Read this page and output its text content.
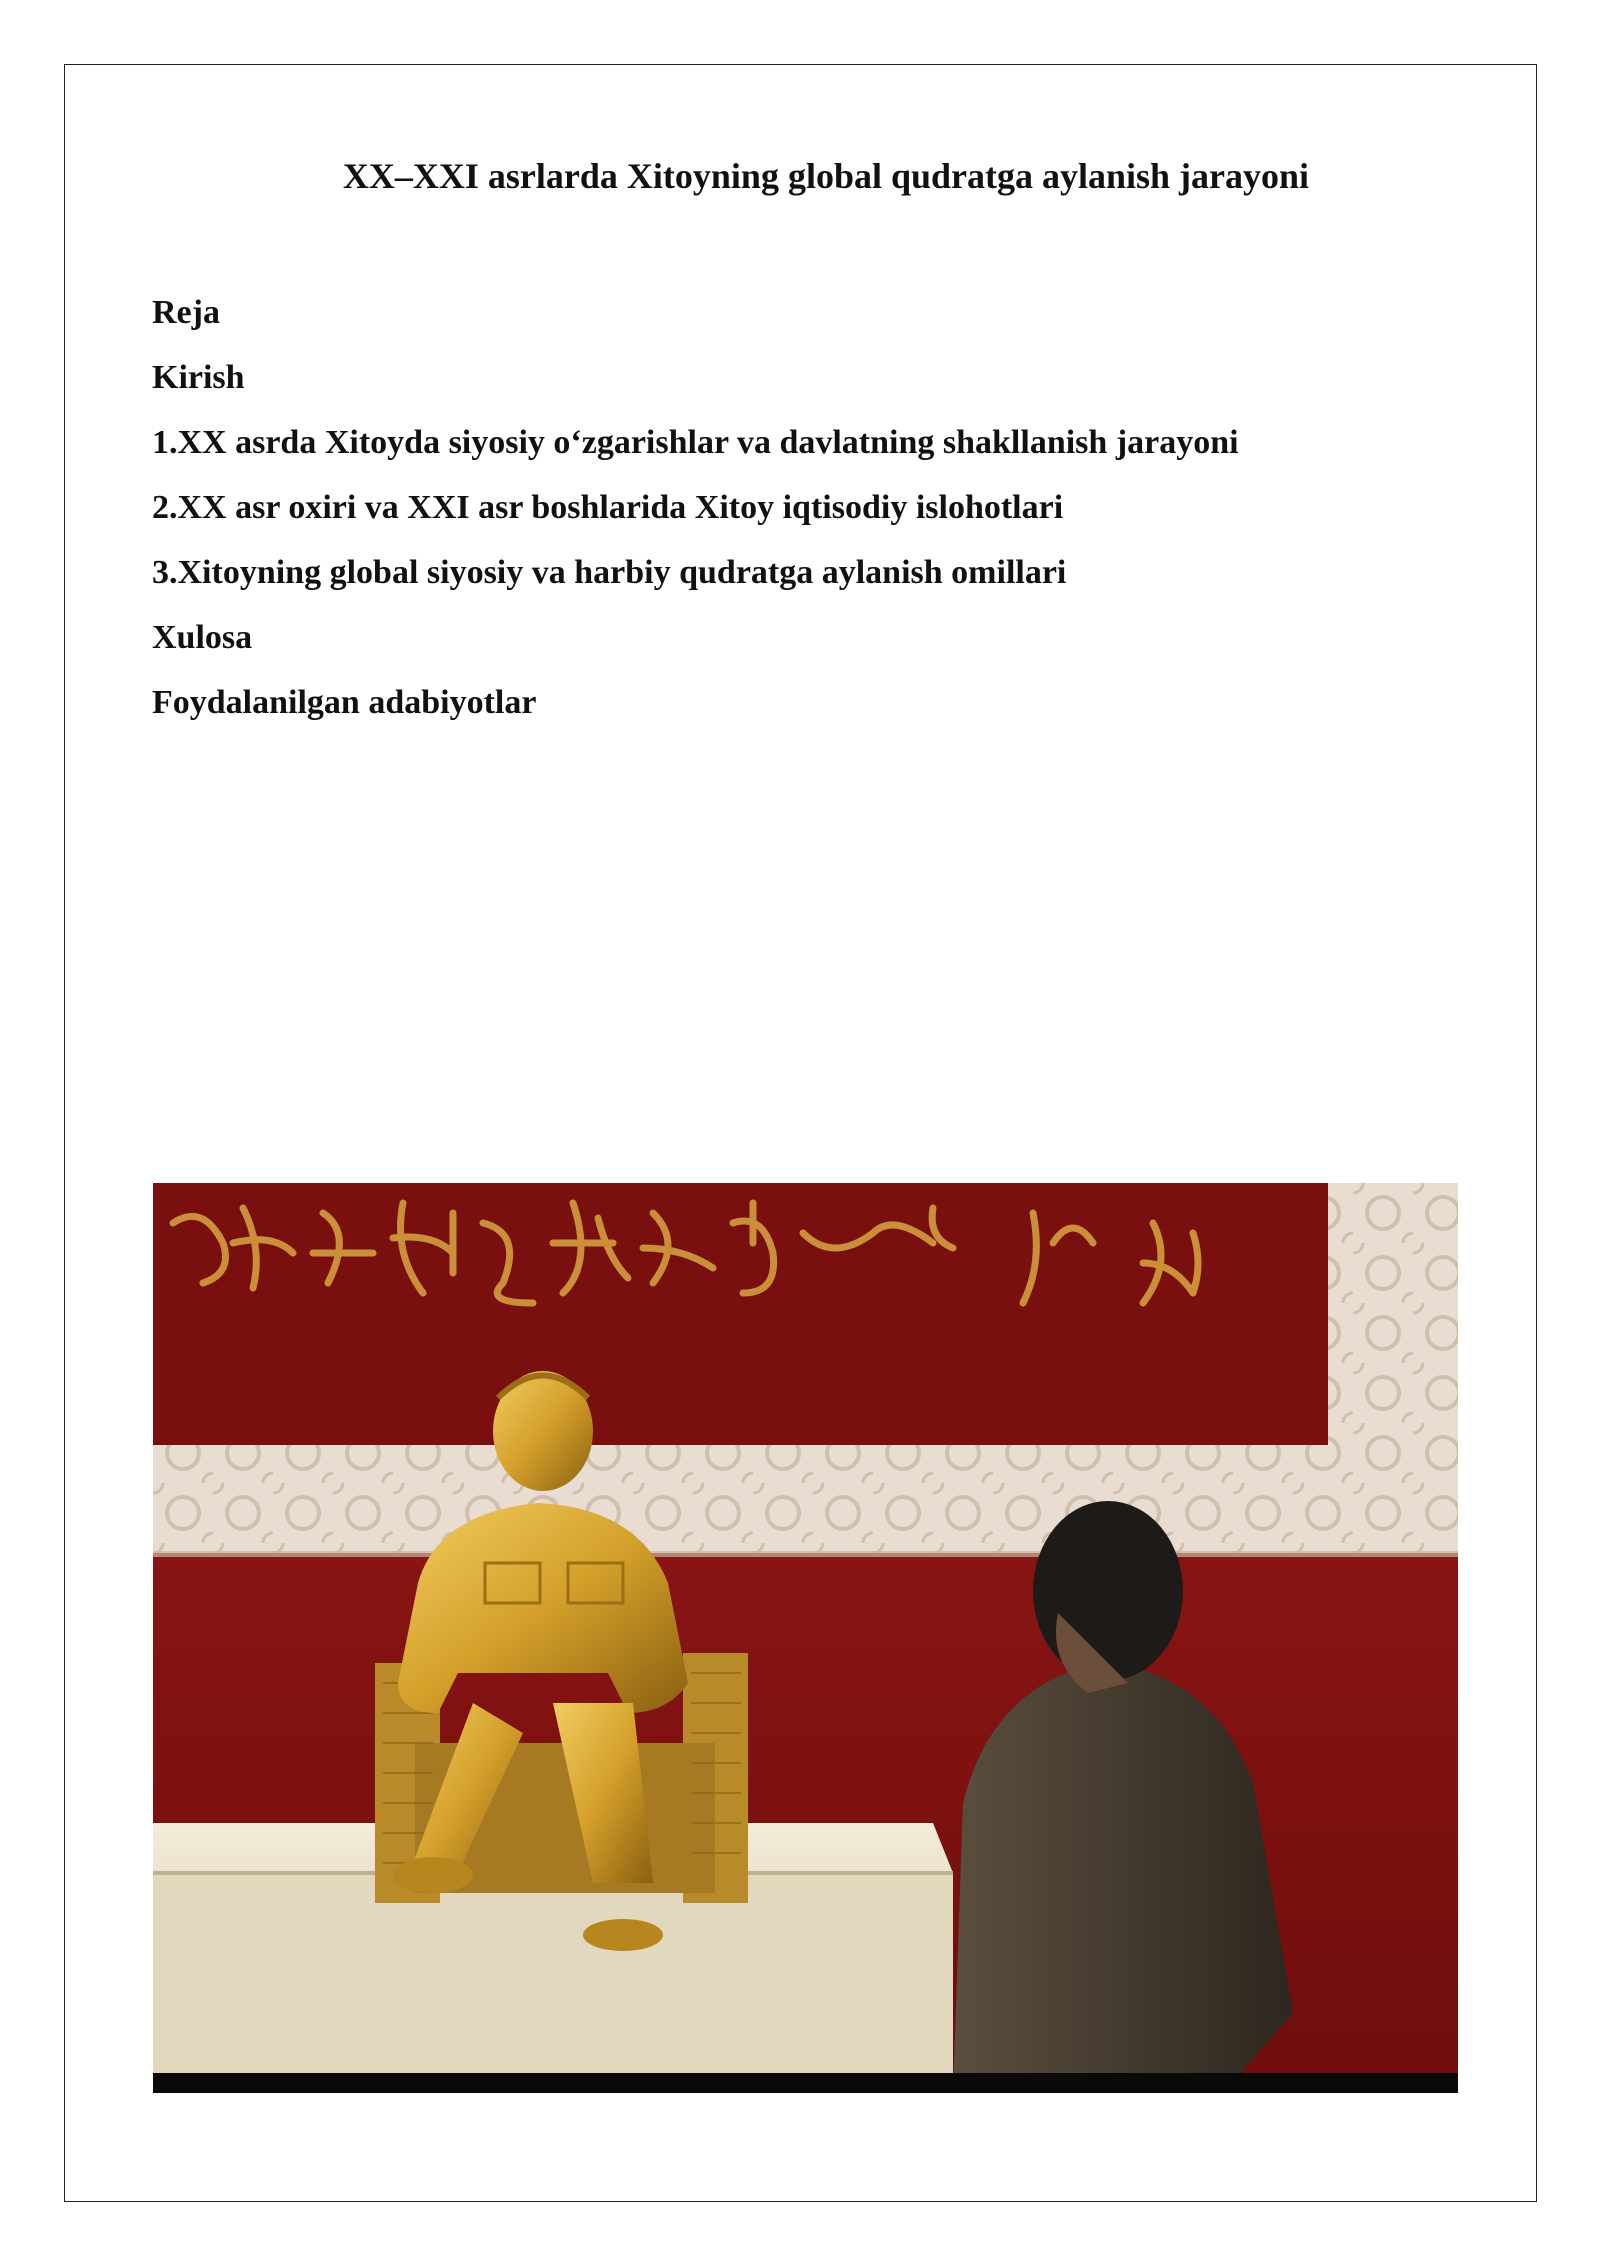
XX–XXI asrlarda Xitoyning global qudratga aylanish jarayoni
Reja
Kirish
1.XX asrda Xitoyda siyosiy o‘zgarishlar va davlatning shakllanish jarayoni
2.XX asr oxiri va XXI asr boshlarida Xitoy iqtisodiy islohotlari
3.Xitoyning global siyosiy va harbiy qudratga aylanish omillari
Xulosa
Foydalanilgan adabiyotlar
